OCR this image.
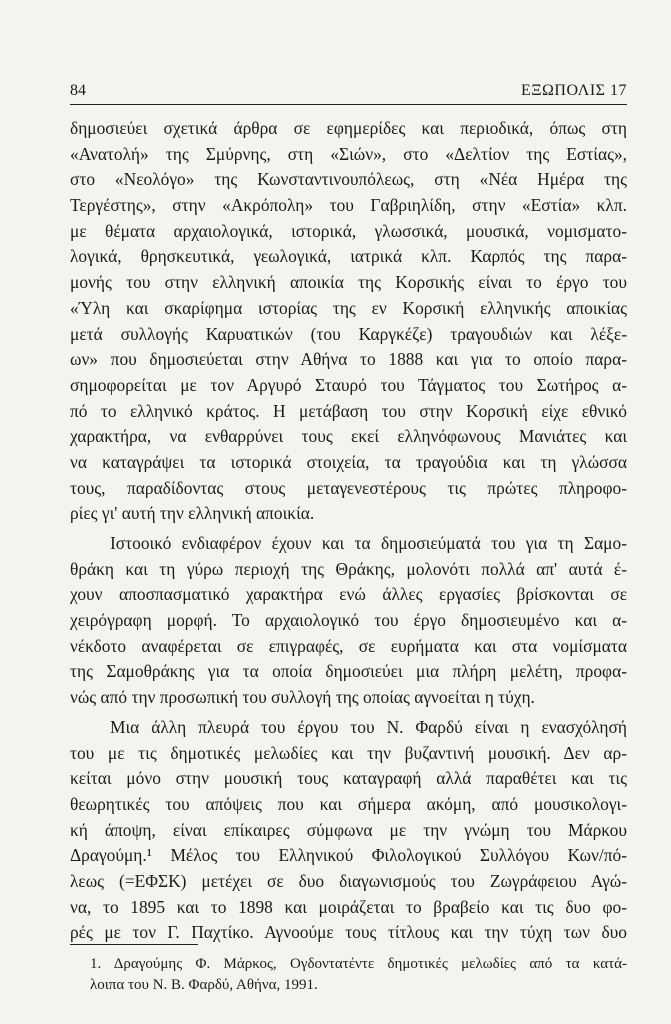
84	ΕΞΩΠΟΛΙΣ 17
δημοσιεύει σχετικά άρθρα σε εφημερίδες και περιοδικά, όπως στη
«Ανατολή» της Σμύρνης, στη «Σιών», στο «Δελτίον της Εστίας»,
στο «Νεολόγο» της Κωνσταντινουπόλεως, στη «Νέα Ημέρα της
Τεργέστης», στην «Ακρόπολη» του Γαβριηλίδη, στην «Εστία» κλπ.
με θέματα αρχαιολογικά, ιστορικά, γλωσσικά, μουσικά, νομισματο-
λογικά, θρησκευτικά, γεωλογικά, ιατρικά κλπ. Καρπός της παρα-
μονής του στην ελληνική αποικία της Κορσικής είναι το έργο του
«Ύλη και σκαρίφημα ιστορίας της εν Κορσική ελληνικής αποικίας
μετά συλλογής Καρυατικών (του Καργκέζε) τραγουδιών και λέξε-
ων» που δημοσιεύεται στην Αθήνα το 1888 και για το οποίο παρα-
σημοφορείται με τον Αργυρό Σταυρό του Τάγματος του Σωτήρος α-
πό το ελληνικό κράτος. Η μετάβαση του στην Κορσική είχε εθνικό
χαρακτήρα, να ενθαρρύνει τους εκεί ελληνόφωνους Μανιάτες και
να καταγράψει τα ιστορικά στοιχεία, τα τραγούδια και τη γλώσσα
τους, παραδίδοντας στους μεταγενεστέρους τις πρώτες πληροφο-
ρίες γι' αυτή την ελληνική αποικία.
Ιστοοικό ενδιαφέρον έχουν και τα δημοσιεύματά του για τη Σαμο-
θράκη και τη γύρω περιοχή της Θράκης, μολονότι πολλά απ' αυτά έ-
χουν αποσπασματικό χαρακτήρα ενώ άλλες εργασίες βρίσκονται σε
χειρόγραφη μορφή. Το αρχαιολογικό του έργο δημοσιευμένο και α-
νέκδοτο αναφέρεται σε επιγραφές, σε ευρήματα και στα νομίσματα
της Σαμοθράκης για τα οποία δημοσιεύει μια πλήρη μελέτη, προφα-
νώς από την προσωπική του συλλογή της οποίας αγνοείται η τύχη.
Μια άλλη πλευρά του έργου του Ν. Φαρδύ είναι η ενασχόλησή
του με τις δημοτικές μελωδίες και την βυζαντινή μουσική. Δεν αρ-
κείται μόνο στην μουσική τους καταγραφή αλλά παραθέτει και τις
θεωρητικές του απόψεις που και σήμερα ακόμη, από μουσικολογι-
κή άποψη, είναι επίκαιρες σύμφωνα με την γνώμη του Μάρκου
Δραγούμη.¹ Μέλος του Ελληνικού Φιλολογικού Συλλόγου Κων/πό-
λεως (=ΕΦΣΚ) μετέχει σε δυο διαγωνισμούς του Ζωγράφειου Αγώ-
να, το 1895 και το 1898 και μοιράζεται το βραβείο και τις δυο φο-
ρές με τον Γ. Παχτίκο. Αγνοούμε τους τίτλους και την τύχη των δυο
1. Δραγούμης Φ. Μάρκος, Ογδοντατέντε δημοτικές μελωδίες από τα κατά-
λοιπα του Ν. Β. Φαρδύ, Αθήνα, 1991.
